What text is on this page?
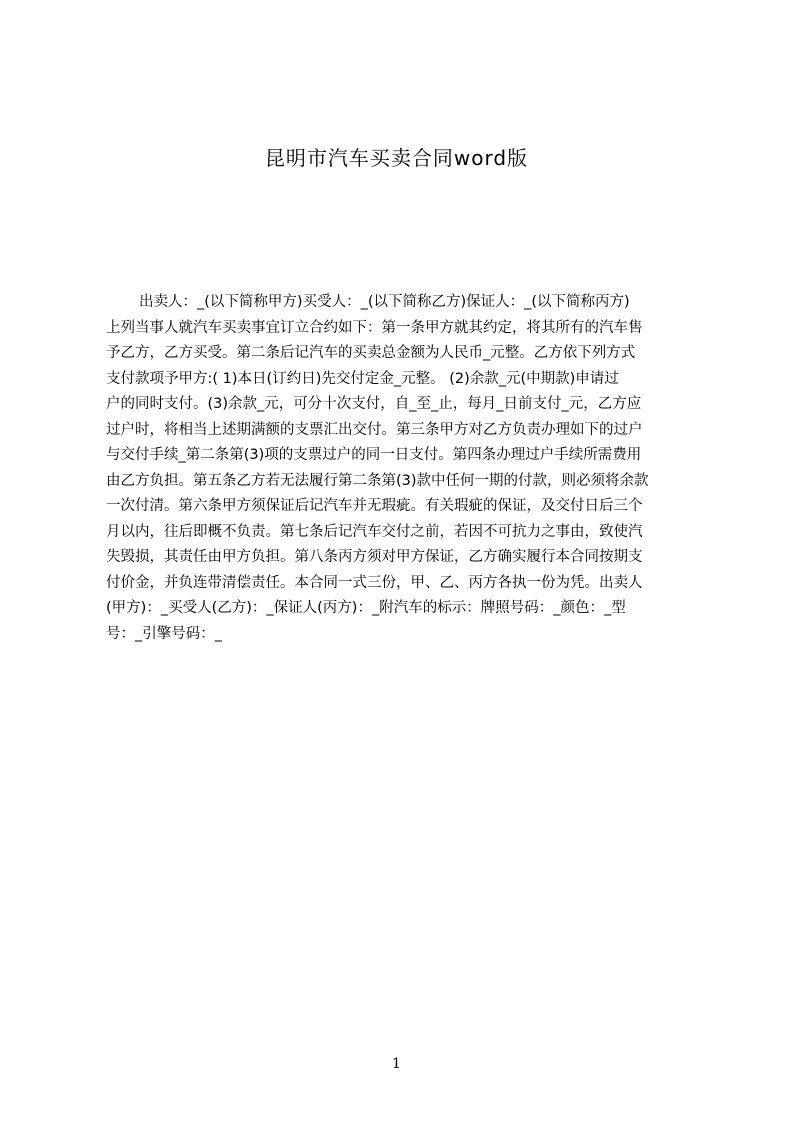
昆明市汽车买卖合同word版
出卖人：_(以下简称甲方)买受人：_(以下简称乙方)保证人：_(以下简称丙方)
上列当事人就汽车买卖事宜订立合约如下：第一条甲方就其约定，将其所有的汽车售
予乙方，乙方买受。第二条后记汽车的买卖总金额为人民币_元整。乙方依下列方式
支付款项予甲方:( 1)本日(订约日)先交付定金_元整。 (2)余款_元(中期款)申请过
户的同时支付。(3)余款_元，可分十次支付，自_至_止，每月_日前支付_元，乙方应
过户时，将相当上述期满额的支票汇出交付。第三条甲方对乙方负责办理如下的过户
与交付手续_第二条第(3)项的支票过户的同一日支付。第四条办理过户手续所需费用
由乙方负担。第五条乙方若无法履行第二条第(3)款中任何一期的付款，则必须将余款
一次付清。第六条甲方须保证后记汽车并无瑕疵。有关瑕疵的保证，及交付日后三个
月以内，往后即概不负责。第七条后记汽车交付之前，若因不可抗力之事由，致使汽
失毁损，其责任由甲方负担。第八条丙方须对甲方保证，乙方确实履行本合同按期支
付价金，并负连带清偿责任。本合同一式三份，甲、乙、丙方各执一份为凭。出卖人
(甲方)：_买受人(乙方)：_保证人(丙方)：_附汽车的标示：牌照号码：_颜色：_型
号：_引擎号码：_
1
